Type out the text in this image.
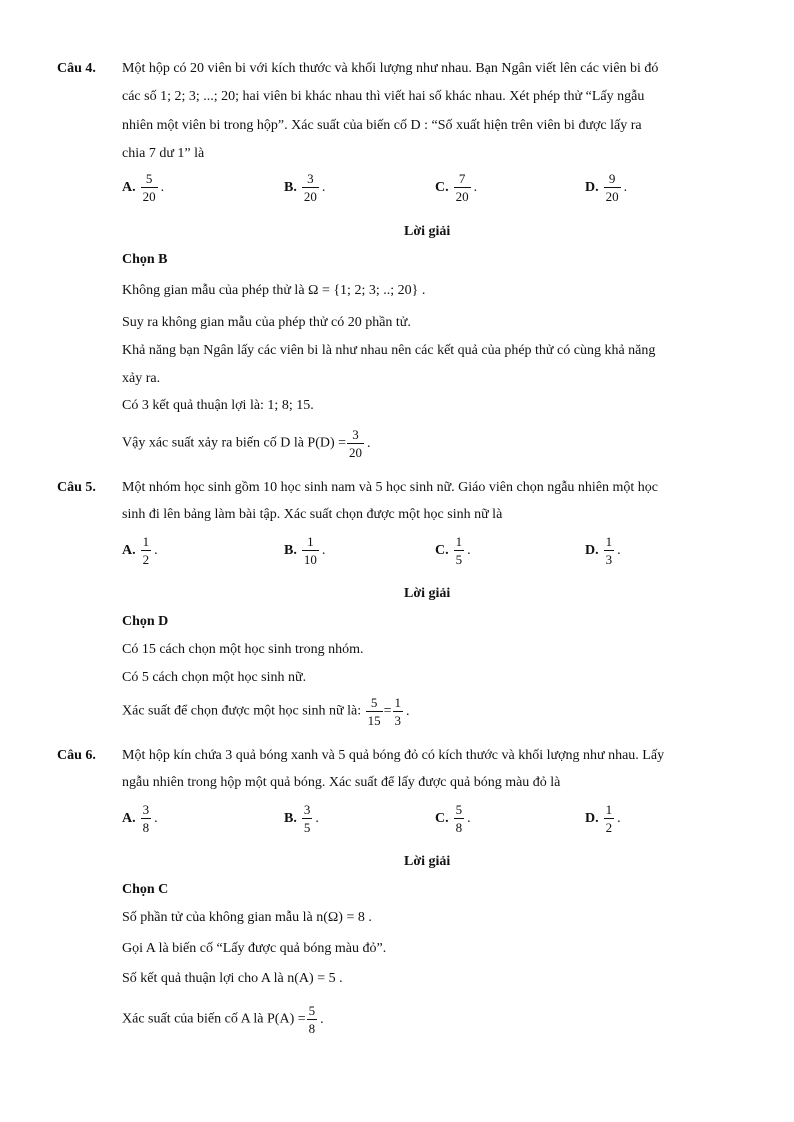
Câu 4. Một hộp có 20 viên bi với kích thước và khối lượng như nhau. Bạn Ngân viết lên các viên bi đó
các số 1; 2; 3; ...; 20; hai viên bi khác nhau thì viết hai số khác nhau. Xét phép thử “Lấy ngẫu
nhiên một viên bi trong hộp”. Xác suất của biến cố D : “Số xuất hiện trên viên bi được lấy ra
chia 7 dư 1” là
A. $\frac{5}{20}$ .	B. $\frac{3}{20}$ .	C. $\frac{7}{20}$ .	D. $\frac{9}{20}$ .
Lời giải
Chọn B
Không gian mẫu của phép thử là Ω = {1; 2; 3; ..; 20} .
Suy ra không gian mẫu của phép thử có 20 phần tử.
Khả năng bạn Ngân lấy các viên bi là như nhau nên các kết quả của phép thử có cùng khả năng
xảy ra.
Có 3 kết quả thuận lợi là: 1; 8; 15.
Vậy xác suất xảy ra biến cố D là $P(D) = \frac{3}{20}$ .
Câu 5. Một nhóm học sinh gồm 10 học sinh nam và 5 học sinh nữ. Giáo viên chọn ngẫu nhiên một học
sinh đi lên bảng làm bài tập. Xác suất chọn được một học sinh nữ là
A. $\frac{1}{2}$ .	B. $\frac{1}{10}$ .	C. $\frac{1}{5}$ .	D. $\frac{1}{3}$ .
Lời giải
Chọn D
Có 15 cách chọn một học sinh trong nhóm.
Có 5 cách chọn một học sinh nữ.
Xác suất để chọn được một học sinh nữ là: $\frac{5}{15} = \frac{1}{3}$ .
Câu 6. Một hộp kín chứa 3 quả bóng xanh và 5 quả bóng đỏ có kích thước và khối lượng như nhau. Lấy
ngẫu nhiên trong hộp một quả bóng. Xác suất để lấy được quả bóng màu đỏ là
A. $\frac{3}{8}$ .	B. $\frac{3}{5}$ .	C. $\frac{5}{8}$ .	D. $\frac{1}{2}$ .
Lời giải
Chọn C
Số phần tử của không gian mẫu là n(Ω) = 8 .
Gọi A là biến cố “Lấy được quả bóng màu đỏ”.
Số kết quả thuận lợi cho A là n(A) = 5 .
Xác suất của biến cố A là $P(A) = \frac{5}{8}$ .
